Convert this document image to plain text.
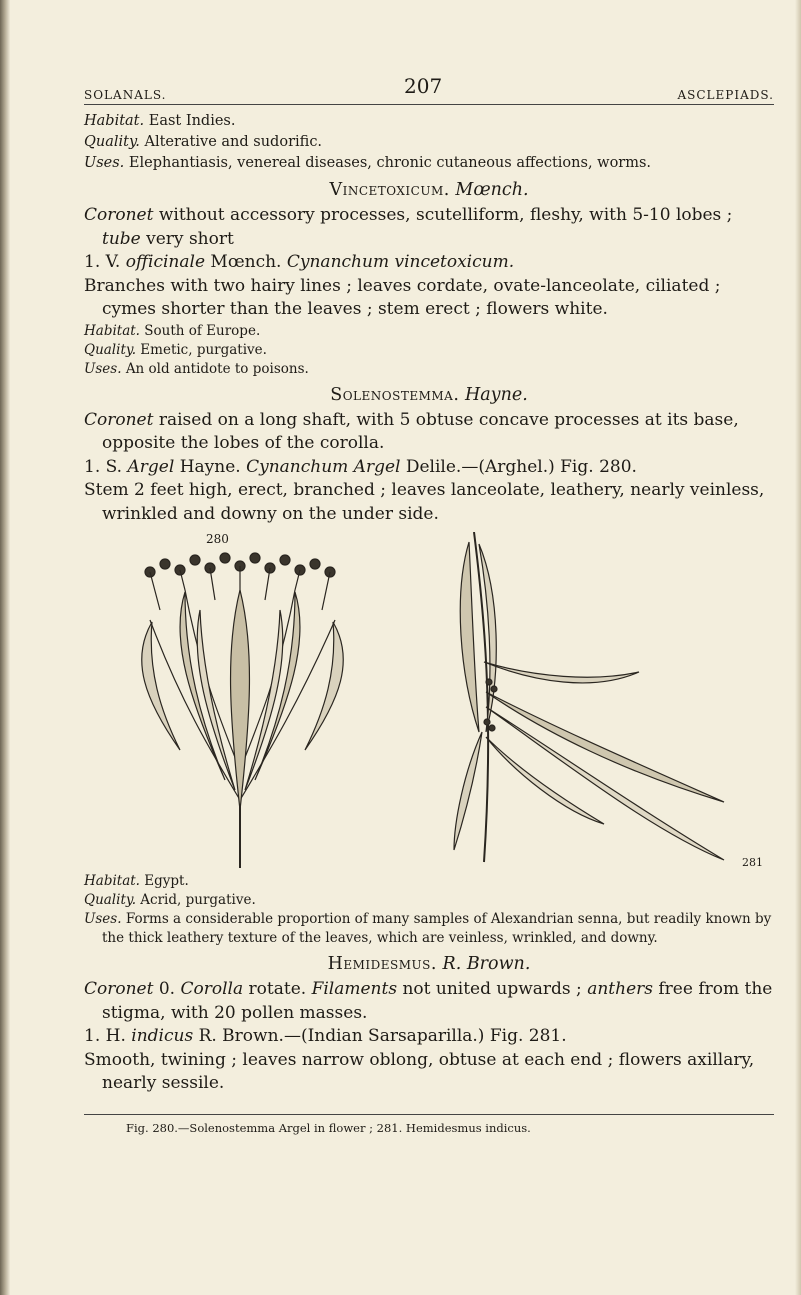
SOLANALS.	207	ASCLEPIADS.

Habitat. East Indies.

Quality. Alterative and sudorific.

Uses. Elephantiasis, venereal diseases, chronic cutaneous affections, worms.

Vincetoxicum. Mœnch.

Coronet without accessory processes, scutelliform, fleshy, with 5-10 lobes ; tube very short

1. V. officinale Mœnch. Cynanchum vincetoxicum.

Branches with two hairy lines ; leaves cordate, ovate-lanceolate, ciliated ; cymes shorter than the leaves ; stem erect ; flowers white.

Habitat. South of Europe.

Quality. Emetic, purgative.

Uses. An old antidote to poisons.

Solenostemma. Hayne.

Coronet raised on a long shaft, with 5 obtuse concave processes at its base, opposite the lobes of the corolla.

1. S. Argel Hayne. Cynanchum Argel Delile.—(Arghel.) Fig. 280.

Stem 2 feet high, erect, branched ; leaves lanceolate, leathery, nearly veinless, wrinkled and downy on the under side.

280
281

Habitat. Egypt.

Quality. Acrid, purgative.

Uses. Forms a considerable proportion of many samples of Alexandrian senna, but readily known by the thick leathery texture of the leaves, which are veinless, wrinkled, and downy.

Hemidesmus. R. Brown.

Coronet 0. Corolla rotate. Filaments not united upwards ; anthers free from the stigma, with 20 pollen masses.

1. H. indicus R. Brown.—(Indian Sarsaparilla.) Fig. 281.

Smooth, twining ; leaves narrow oblong, obtuse at each end ; flowers axillary, nearly sessile.

Fig. 280.—Solenostemma Argel in flower ; 281. Hemidesmus indicus.
